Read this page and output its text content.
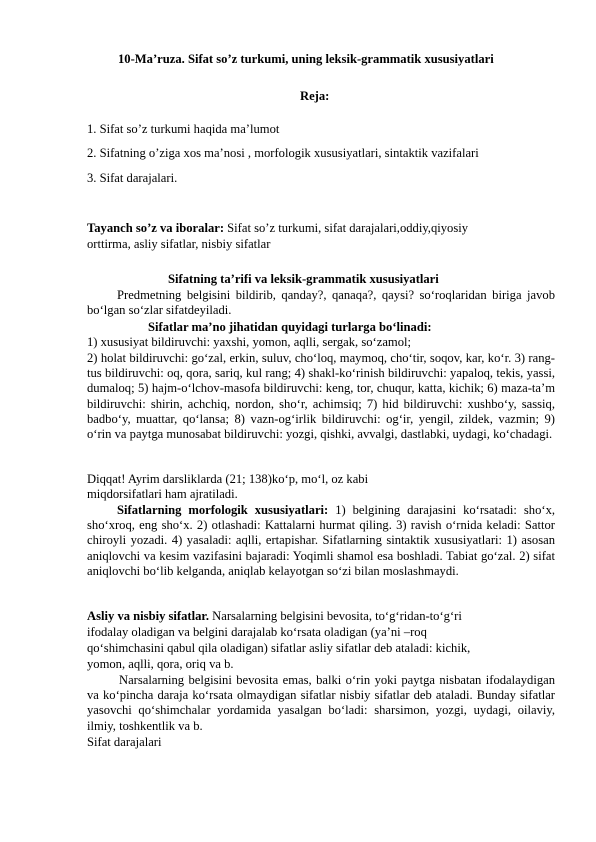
10-Ma’ruza. Sifat so’z turkumi, uning leksik-grammatik xususiyatlari
Reja:
1. Sifat so’z turkumi haqida ma’lumot
2. Sifatning o’ziga xos ma’nosi , morfologik xususiyatlari, sintaktik vazifalari
3. Sifat darajalari.
Tayanch so’z va iboralar: Sifat so’z turkumi, sifat darajalari,oddiy,qiyosiy
orttirma, asliy sifatlar, nisbiy sifatlar
Sifatning ta’rifi va leksik-grammatik xususiyatlari
Predmetning belgisini bildirib, qanday?, qanaqa?, qaysi? so‘roqlaridan biriga javob bo‘lgan so‘zlar sifatdeyiladi.
Sifatlar ma’no jihatidan quyidagi turlarga bo‘linadi:
1) xususiyat bildiruvchi: yaxshi, yomon, aqlli, sergak, so‘zamol;
2) holat bildiruvchi: go‘zal, erkin, suluv, cho‘loq, maymoq, cho‘tir, soqov, kar, ko‘r. 3) rang-tus bildiruvchi: oq, qora, sariq, kul rang; 4) shakl-ko‘rinish bildiruvchi: yapaloq, tekis, yassi, dumaloq; 5) hajm-o‘lchov-masofa bildiruvchi: keng, tor, chuqur, katta, kichik; 6) maza-ta’m bildiruvchi: shirin, achchiq, nordon, sho‘r, achimsiq; 7) hid bildiruvchi: xushbo‘y, sassiq, badbo‘y, muattar, qo‘lansa; 8) vazn-og‘irlik bildiruvchi: og‘ir, yengil, zildek, vazmin; 9) o‘rin va paytga munosabat bildiruvchi: yozgi, qishki, avvalgi, dastlabki, uydagi, ko‘chadagi.
Diqqat! Ayrim darsliklarda (21; 138)ko‘p, mo‘l, oz kabi
miqdorsifatlari ham ajratiladi.
Sifatlarning morfologik xususiyatlari: 1) belgining darajasini ko‘rsatadi: sho‘x, sho‘xroq, eng sho‘x. 2) otlashadi: Kattalarni hurmat qiling. 3) ravish o‘rnida keladi: Sattor chiroyli yozadi. 4) yasaladi: aqlli, ertapishar. Sifatlarning sintaktik xususiyatlari: 1) asosan aniqlovchi va kesim vazifasini bajaradi: Yoqimli shamol esa boshladi. Tabiat go‘zal. 2) sifat aniqlovchi bo‘lib kelganda, aniqlab kelayotgan so‘zi bilan moslashmaydi.
Asliy va nisbiy sifatlar. Narsalarning belgisini bevosita, to‘g‘ridan-to‘g‘ri
ifodalay oladigan va belgini darajalab ko‘rsata oladigan (ya’ni –roq
qo‘shimchasini qabul qila oladigan) sifatlar asliy sifatlar deb ataladi: kichik,
yomon, aqlli, qora, oriq va b.
Narsalarning belgisini bevosita emas, balki o‘rin yoki paytga nisbatan ifodalaydigan va ko‘pincha daraja ko‘rsata olmaydigan sifatlar nisbiy sifatlar deb ataladi. Bunday sifatlar yasovchi qo‘shimchalar yordamida yasalgan bo‘ladi: sharsimon, yozgi, uydagi, oilaviy, ilmiy, toshkentlik va b.
Sifat darajalari
